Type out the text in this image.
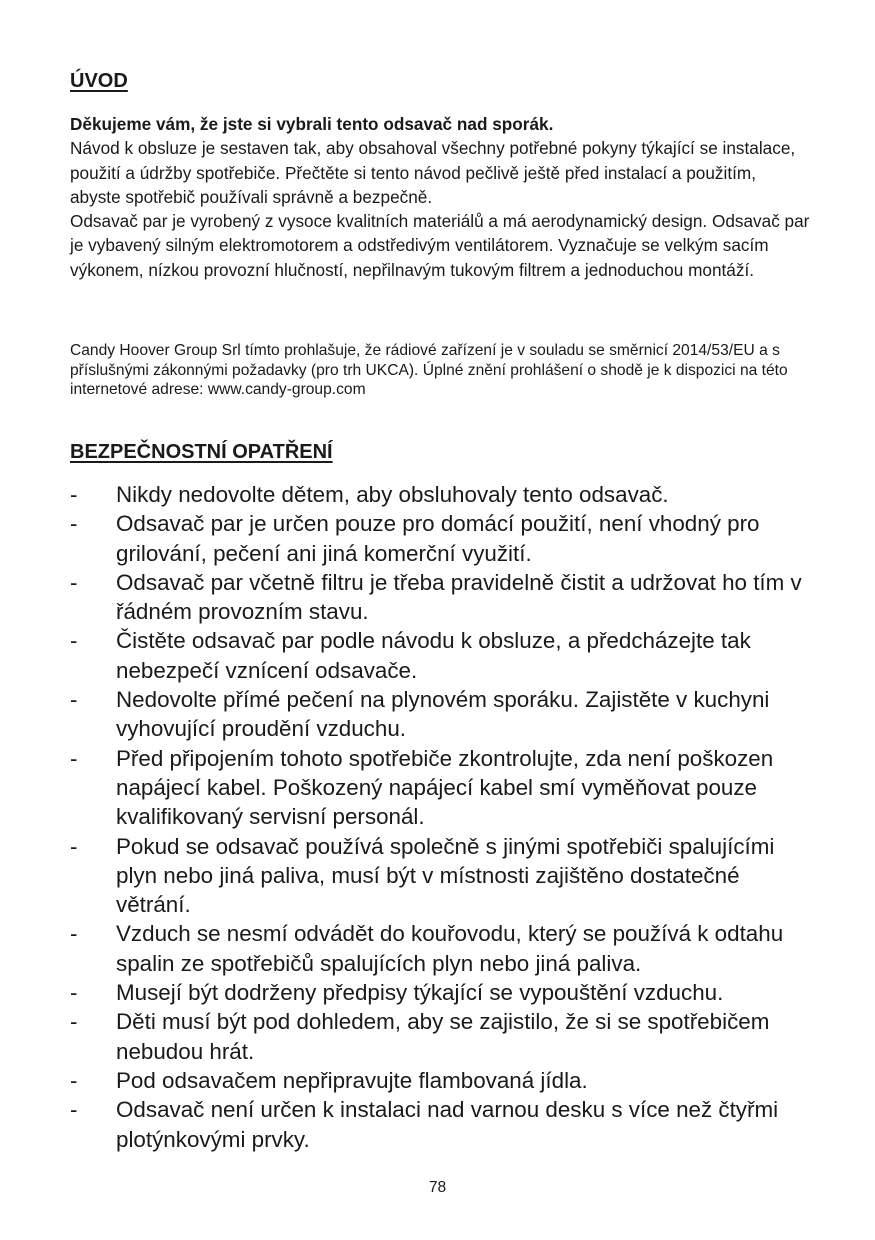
ÚVOD

Děkujeme vám, že jste si vybrali tento odsavač nad sporák.

Návod k obsluze je sestaven tak, aby obsahoval všechny potřebné pokyny týkající se instalace, použití a údržby spotřebiče. Přečtěte si tento návod pečlivě ještě před instalací a použitím, abyste spotřebič používali správně a bezpečně.

Odsavač par je vyrobený z vysoce kvalitních materiálů a má aerodynamický design. Odsavač par je vybavený silným elektromotorem a odstředivým ventilátorem. Vyznačuje se velkým sacím výkonem, nízkou provozní hlučností, nepřilnavým tukovým filtrem a jednoduchou montáží.

Candy Hoover Group Srl tímto prohlašuje, že rádiové zařízení je v souladu se směrnicí 2014/53/EU a s příslušnými zákonnými požadavky (pro trh UKCA). Úplné znění prohlášení o shodě je k dispozici na této internetové adrese: www.candy-group.com

BEZPEČNOSTNÍ OPATŘENÍ
- Nikdy nedovolte dětem, aby obsluhovaly tento odsavač.
- Odsavač par je určen pouze pro domácí použití, není vhodný pro grilování, pečení ani jiná komerční využití.
- Odsavač par včetně filtru je třeba pravidelně čistit a udržovat ho tím v řádném provozním stavu.
- Čistěte odsavač par podle návodu k obsluze, a předcházejte tak nebezpečí vznícení odsavače.
- Nedovolte přímé pečení na plynovém sporáku. Zajistěte v kuchyni vyhovující proudění vzduchu.
- Před připojením tohoto spotřebiče zkontrolujte, zda není poškozen napájecí kabel. Poškozený napájecí kabel smí vyměňovat pouze kvalifikovaný servisní personál.
- Pokud se odsavač používá společně s jinými spotřebiči spalujícími plyn nebo jiná paliva, musí být v místnosti zajištěno dostatečné větrání.
- Vzduch se nesmí odvádět do kouřovodu, který se používá k odtahu spalin ze spotřebičů spalujících plyn nebo jiná paliva.
- Musejí být dodrženy předpisy týkající se vypouštění vzduchu.
- Děti musí být pod dohledem, aby se zajistilo, že si se spotřebičem nebudou hrát.
- Pod odsavačem nepřipravujte flambovaná jídla.
- Odsavač není určen k instalaci nad varnou desku s více než čtyřmi plotýnkovými prvky.
78
